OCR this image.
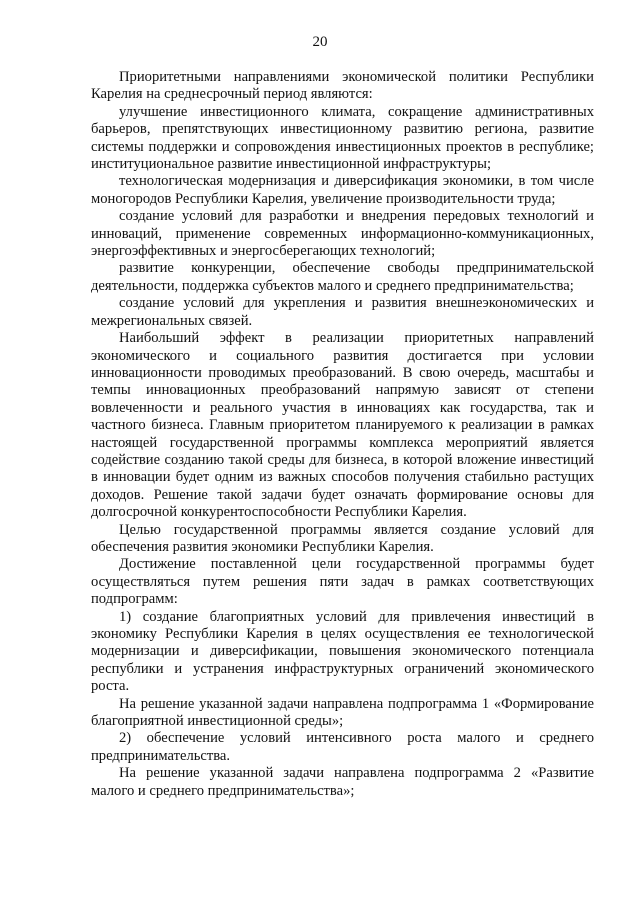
20

Приоритетными направлениями экономической политики Республики Карелия на среднесрочный период являются:

улучшение инвестиционного климата, сокращение административных барьеров, препятствующих инвестиционному развитию региона, развитие системы поддержки и сопровождения инвестиционных проектов в республике; институциональное развитие инвестиционной инфраструктуры;

технологическая модернизация и диверсификация экономики, в том числе моногородов Республики Карелия, увеличение производительности труда;

создание условий для разработки и внедрения передовых технологий и инноваций, применение современных информационно-коммуникационных, энергоэффективных и энергосберегающих технологий;

развитие конкуренции, обеспечение свободы предпринимательской деятельности, поддержка субъектов малого и среднего предпринимательства;

создание условий для укрепления и развития внешнеэкономических и межрегиональных связей.

Наибольший эффект в реализации приоритетных направлений экономического и социального развития достигается при условии инновационности проводимых преобразований. В свою очередь, масштабы и темпы инновационных преобразований напрямую зависят от степени вовлеченности и реального участия в инновациях как государства, так и частного бизнеса. Главным приоритетом планируемого к реализации в рамках настоящей государственной программы комплекса мероприятий является содействие созданию такой среды для бизнеса, в которой вложение инвестиций в инновации будет одним из важных способов получения стабильно растущих доходов. Решение такой задачи будет означать формирование основы для долгосрочной конкурентоспособности Республики Карелия.

Целью государственной программы является создание условий для обеспечения развития экономики Республики Карелия.

Достижение поставленной цели государственной программы будет осуществляться путем решения пяти задач в рамках соответствующих подпрограмм:

1) создание благоприятных условий для привлечения инвестиций в экономику Республики Карелия в целях осуществления ее технологической модернизации и диверсификации, повышения экономического потенциала республики и устранения инфраструктурных ограничений экономического роста.

На решение указанной задачи направлена подпрограмма 1 «Формирование благоприятной инвестиционной среды»;

2) обеспечение условий интенсивного роста малого и среднего предпринимательства.

На решение указанной задачи направлена подпрограмма 2 «Развитие малого и среднего предпринимательства»;
